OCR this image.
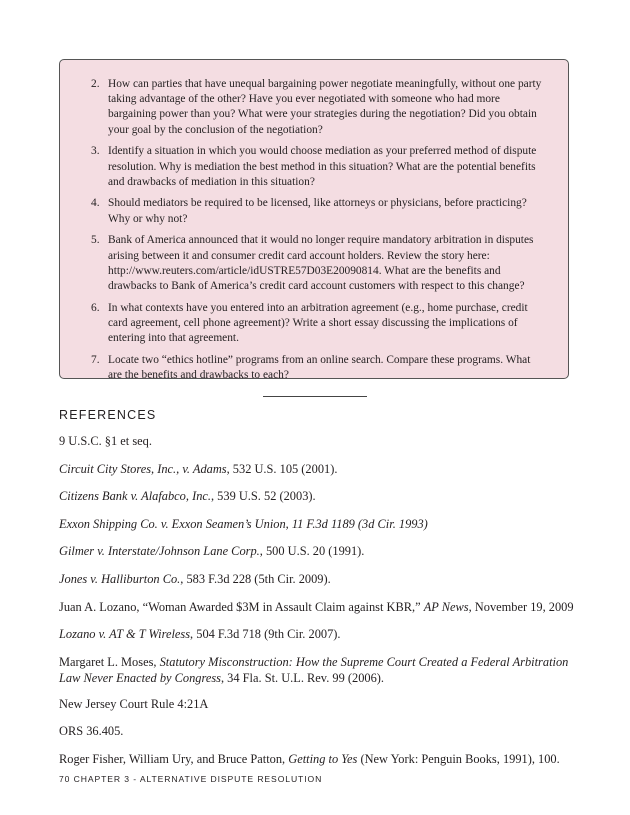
2. How can parties that have unequal bargaining power negotiate meaningfully, without one party taking advantage of the other? Have you ever negotiated with someone who had more bargaining power than you? What were your strategies during the negotiation? Did you obtain your goal by the conclusion of the negotiation?
3. Identify a situation in which you would choose mediation as your preferred method of dispute resolution. Why is mediation the best method in this situation? What are the potential benefits and drawbacks of mediation in this situation?
4. Should mediators be required to be licensed, like attorneys or physicians, before practicing? Why or why not?
5. Bank of America announced that it would no longer require mandatory arbitration in disputes arising between it and consumer credit card account holders. Review the story here: http://www.reuters.com/article/idUSTRE57D03E20090814. What are the benefits and drawbacks to Bank of America’s credit card account customers with respect to this change?
6. In what contexts have you entered into an arbitration agreement (e.g., home purchase, credit card agreement, cell phone agreement)? Write a short essay discussing the implications of entering into that agreement.
7. Locate two “ethics hotline” programs from an online search. Compare these programs. What are the benefits and drawbacks to each?
REFERENCES
9 U.S.C. §1 et seq.
Circuit City Stores, Inc., v. Adams, 532 U.S. 105 (2001).
Citizens Bank v. Alafabco, Inc., 539 U.S. 52 (2003).
Exxon Shipping Co. v. Exxon Seamen’s Union, 11 F.3d 1189 (3d Cir. 1993)
Gilmer v. Interstate/Johnson Lane Corp., 500 U.S. 20 (1991).
Jones v. Halliburton Co., 583 F.3d 228 (5th Cir. 2009).
Juan A. Lozano, “Woman Awarded $3M in Assault Claim against KBR,” AP News, November 19, 2009
Lozano v. AT & T Wireless, 504 F.3d 718 (9th Cir. 2007).
Margaret L. Moses, Statutory Misconstruction: How the Supreme Court Created a Federal Arbitration Law Never Enacted by Congress, 34 Fla. St. U.L. Rev. 99 (2006).
New Jersey Court Rule 4:21A
ORS 36.405.
Roger Fisher, William Ury, and Bruce Patton, Getting to Yes (New York: Penguin Books, 1991), 100.
70 CHAPTER 3 - ALTERNATIVE DISPUTE RESOLUTION
